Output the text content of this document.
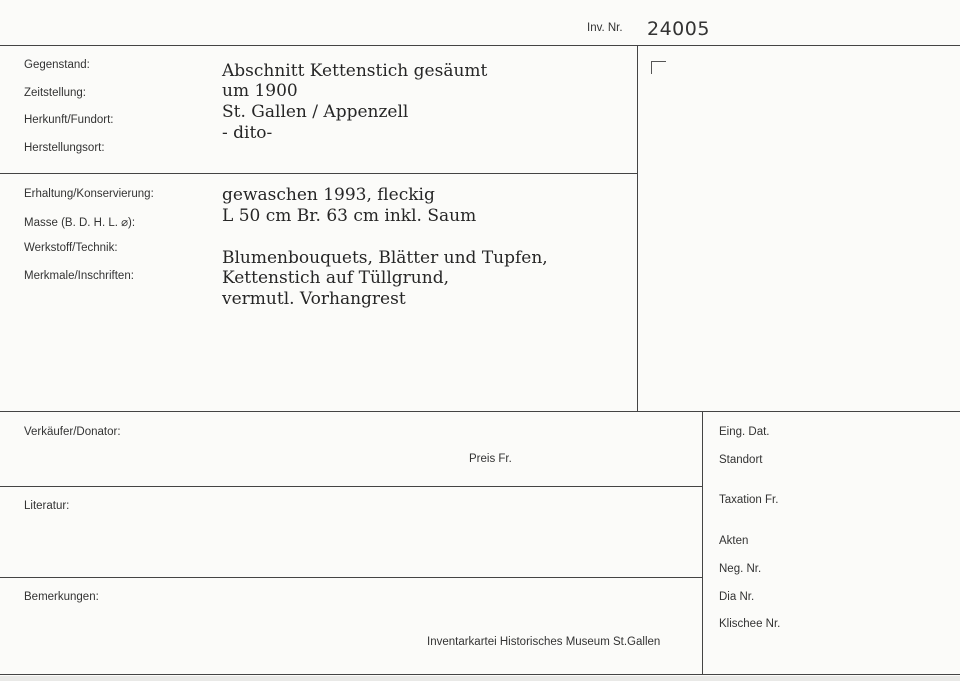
Inv. Nr. 24005
Gegenstand:
Zeitstellung:
Herkunft/Fundort:
Herstellungsort:
Abschnitt Kettenstich gesäumt
um 1900
St. Gallen / Appenzell
- dito-
Erhaltung/Konservierung:
Masse (B. D. H. L. ⌀):
Werkstoff/Technik:
Merkmale/Inschriften:
gewaschen 1993, fleckig
L 50 cm Br. 63 cm inkl. Saum
Blumenbouquets, Blätter und Tupfen,
Kettenstich auf Tüllgrund,
vermutl. Vorhangrest
Verkäufer/Donator:
Preis Fr.
Literatur:
Bemerkungen:
Inventarkartei Historisches Museum St.Gallen
Eing. Dat.
Standort
Taxation Fr.
Akten
Neg. Nr.
Dia Nr.
Klischee Nr.
